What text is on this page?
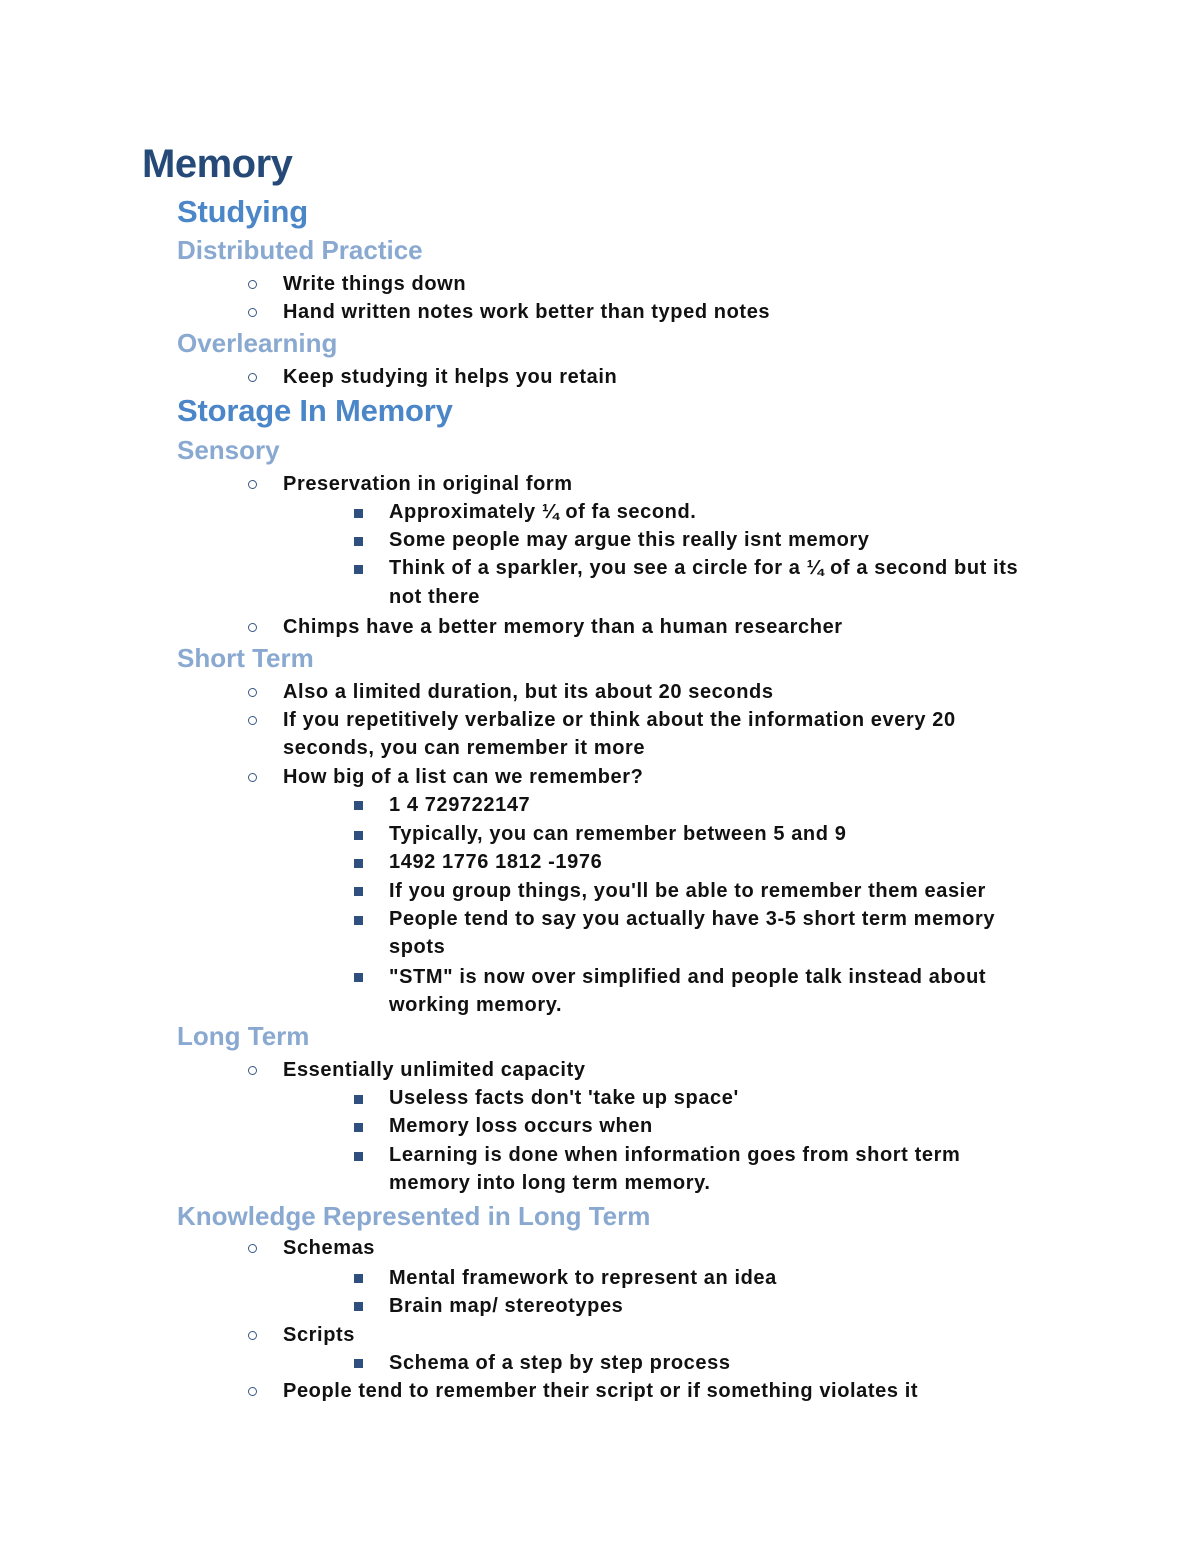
Memory
Studying
Distributed Practice
Write things down
Hand written notes work better than typed notes
Overlearning
Keep studying it helps you retain
Storage In Memory
Sensory
Preservation in original form
Approximately ¼ of fa second.
Some people may argue this really isnt memory
Think of a sparkler, you see a circle for a ¼ of a second but its
not there
Chimps have a better memory than a human researcher
Short Term
Also a limited duration, but its about 20 seconds
If you repetitively verbalize or think about the information every 20
seconds, you can remember it more
How big of a list can we remember?
1 4 729722147
Typically, you can remember between 5 and 9
1492 1776 1812 -1976
If you group things, you'll be able to remember them easier
People tend to say you actually have 3-5 short term memory
spots
"STM" is now over simplified and people talk instead about
working memory.
Long Term
Essentially unlimited capacity
Useless facts don't 'take up space'
Memory loss occurs when
Learning is done when information goes from short term
memory into long term memory.
Knowledge Represented in Long Term
Schemas
Mental framework to represent an idea
Brain map/ stereotypes
Scripts
Schema of a step by step process
People tend to remember their script or if something violates it
